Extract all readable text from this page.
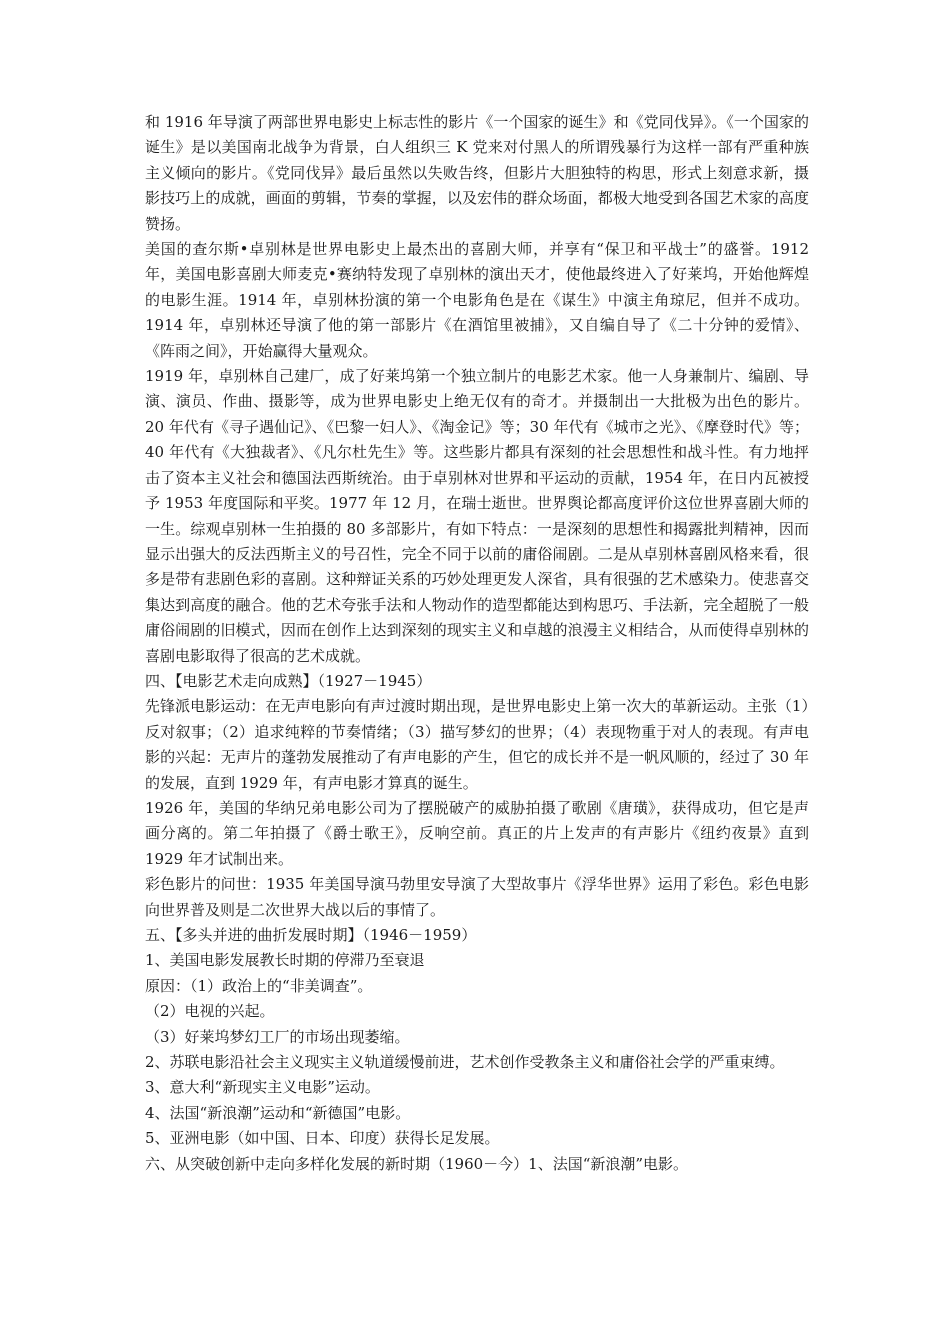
和 1916 年导演了两部世界电影史上标志性的影片《一个国家的诞生》和《党同伐异》。《一个国家的诞生》是以美国南北战争为背景，白人组织三 K 党来对付黑人的所谓残暴行为这样一部有严重种族主义倾向的影片。《党同伐异》最后虽然以失败告终，但影片大胆独特的构思，形式上刻意求新，摄影技巧上的成就，画面的剪辑，节奏的掌握，以及宏伟的群众场面，都极大地受到各国艺术家的高度赞扬。

美国的查尔斯•卓别林是世界电影史上最杰出的喜剧大师，并享有“保卫和平战士”的盛誉。1912 年，美国电影喜剧大师麦克•赛纳特发现了卓别林的演出天才，使他最终进入了好莱坞，开始他辉煌的电影生涯。1914 年，卓别林扮演的第一个电影角色是在《谋生》中演主角琼尼，但并不成功。1914 年，卓别林还导演了他的第一部影片《在酒馆里被捕》，又自编自导了《二十分钟的爱情》、《阵雨之间》，开始赢得大量观众。

1919 年，卓别林自己建厂，成了好莱坞第一个独立制片的电影艺术家。他一人身兼制片、编剧、导演、演员、作曲、摄影等，成为世界电影史上绝无仅有的奇才。并摄制出一大批极为出色的影片。20 年代有《寻子遇仙记》、《巴黎一妇人》、《淘金记》等；30 年代有《城市之光》、《摩登时代》等；40 年代有《大独裁者》、《凡尔杜先生》等。这些影片都具有深刻的社会思想性和战斗性。有力地抨击了资本主义社会和德国法西斯统治。由于卓别林对世界和平运动的贡献，1954 年，在日内瓦被授予 1953 年度国际和平奖。1977 年 12 月，在瑞士逝世。世界舆论都高度评价这位世界喜剧大师的一生。综观卓别林一生拍摄的 80 多部影片，有如下特点：一是深刻的思想性和揭露批判精神，因而显示出强大的反法西斯主义的号召性，完全不同于以前的庸俗闹剧。二是从卓别林喜剧风格来看，很多是带有悲剧色彩的喜剧。这种辩证关系的巧妙处理更发人深省，具有很强的艺术感染力。使悲喜交集达到高度的融合。他的艺术夸张手法和人物动作的造型都能达到构思巧、手法新，完全超脱了一般庸俗闹剧的旧模式，因而在创作上达到深刻的现实主义和卓越的浪漫主义相结合，从而使得卓别林的喜剧电影取得了很高的艺术成就。

四、【电影艺术走向成熟】（1927－1945）

先锋派电影运动：在无声电影向有声过渡时期出现，是世界电影史上第一次大的革新运动。主张（1）反对叙事；（2）追求纯粹的节奏情绪；（3）描写梦幻的世界；（4）表现物重于对人的表现。有声电影的兴起：无声片的蓬勃发展推动了有声电影的产生，但它的成长并不是一帆风顺的，经过了 30 年的发展，直到 1929 年，有声电影才算真的诞生。

1926 年，美国的华纳兄弟电影公司为了摆脱破产的威胁拍摄了歌剧《唐璜》，获得成功，但它是声画分离的。第二年拍摄了《爵士歌王》，反响空前。真正的片上发声的有声影片《纽约夜景》直到 1929 年才试制出来。

彩色影片的问世：1935 年美国导演马勃里安导演了大型故事片《浮华世界》运用了彩色。彩色电影向世界普及则是二次世界大战以后的事情了。

五、【多头并进的曲折发展时期】（1946－1959）

1、美国电影发展教长时期的停滞乃至衰退

原因：（1）政治上的“非美调查”。

（2）电视的兴起。

（3）好莱坞梦幻工厂的市场出现萎缩。

2、苏联电影沿社会主义现实主义轨道缓慢前进，艺术创作受教条主义和庸俗社会学的严重束缚。

3、意大利“新现实主义电影”运动。

4、法国“新浪潮”运动和“新德国”电影。

5、亚洲电影（如中国、日本、印度）获得长足发展。

六、从突破创新中走向多样化发展的新时期（1960－今）1、法国“新浪潮”电影。
